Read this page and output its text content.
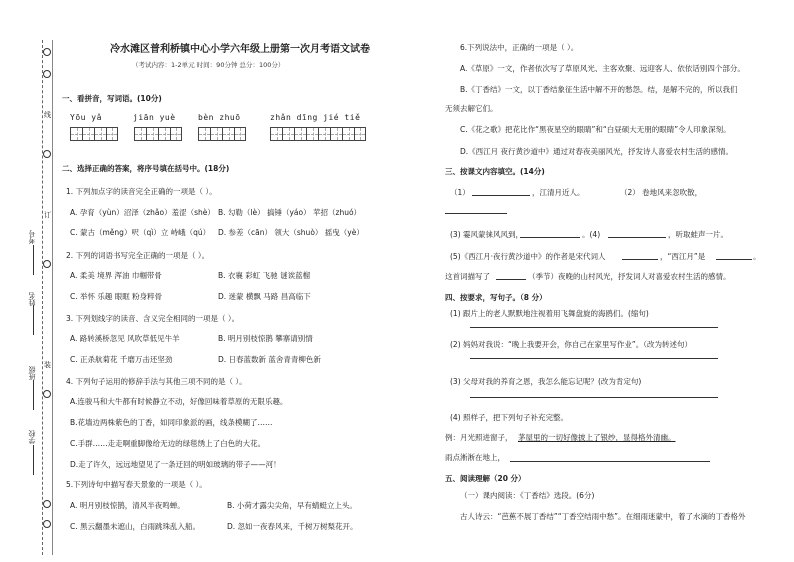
线
订
装
考号
姓名
班级
学校
冷水滩区普利桥镇中心小学六年级上册第一次月考语文试卷
（考试内容：1-2单元 时间：90分钟 总分：100分）
一、看拼音，写词语。(10分)
Yōu yǎ	jiān yuè	bèn zhuō	zhǎn dīng jié tiě
二、选择正确的答案，将序号填在括号中。(18分)
1. 下列加点字的读音完全正确的一项是（ ）。
A. 孕育（yùn）沼泽（zhǎo）羞涩（shè） B. 勾勒（lè） 搞锤（yáo） 苹招（zhuó）
C. 蒙古（měng）呎（qì）立 峙峨（qú） D. 参差（cān） 领大（shuò） 摇曳（yè）
2. 下列的词语书写完全正确的一项是（ ）。
A. 柔美 境界 浑油 巾帼带骨	B. 衣襄 彩虹 飞驰 谜诶蓝榴
C. 举怀 乐趣 眼眶 粉身粹骨	D. 迷蒙 横飘 马路 昌高临下
3. 下列划线字的读音、含义完全相同的一项是（ ）。
A. 路转溪桥忽见 风吹草低见牛羊	B. 明月别枝惊鹊 攀寨请别情
C. 正杀航菊花 千磨万击还坚劲	D. 日春蓝数新 蓝舍青青柳色新
4. 下列句子运用的修辞手法与其他三项不同的是（ ）。
A.连骏马和大牛都有时候静立不动，好像回味着草原的无限乐趣。
B.花墙边两株紫色的丁香，如同印象派的画，线条模糊了……
C.手群……走走啊重脚像给无边的绿毯绣上了白色的大花。
D.走了许久，远远地望见了一条迂回的明如玻璃的带子——河！
5.下列诗句中描写春天景象的一项是（ ）。
A. 明月别枝惊鹊，清风半夜鸣蝉。	B. 小荷才露尖尖角，早有蜻蜓立上头。
C. 黑云翻墨未遮山，白雨跳珠乱入船。	D. 忽如一夜春风来，千树万树梨花开。
6.下列说法中，正确的一项是（ ）。
A.《草原》一文，作者依次写了草原风光、主客欢聚、远迎客人、依依话别四个部分。
B.《丁香结》一文，以丁香结象征生活中解不开的愁怨。结，是解不完的，所以我们
无须去解它们。
C.《花之歌》把花比作“黑夜星空的眼睛”和“白昼硕大无朋的眼睛”令人印象深刻。
D.《西江月 夜行黄沙道中》通过对春夜美丽风光，抒发诗人喜爱农村生活的感情。
三、按课文内容填空。(14分)
（1）	，江清月近人。	（2） 卷地风来忽吹散，
(3) 霎风蒙徕风风到，	。(4)	，听取蛙声一片。
(5)《西江月·夜行黄沙道中》的作者是宋代词人	，“西江月”是	。
这首词描写了	（季节）夜晚的山村风光，抒发词人对喜爱农村生活的感情。
四、按要求，写句子。（8 分）
(1) 跟片上的老人默默地注视着用飞舞盘旋的海鸥们。(缩句)
(2) 妈妈对我说：“晚上我要开会，你自己在家里写作业”。（改为转述句）
(3) 父母对我的养育之恩，我怎么能忘记呢？(改为肯定句)
(4) 照样子，把下列句子补充完整。
例：月光照进窗子， 茅屋里的一切好像披上了银纱，显得格外清幽。
雨点淅淅在地上，
五、阅读理解（20 分）
（一）课内阅读：《丁香结》选段。(6分)
古人诗云：“芭蕉不展丁香结”“丁香空结雨中愁”。在细雨迷蒙中，着了水滴的丁香格外
